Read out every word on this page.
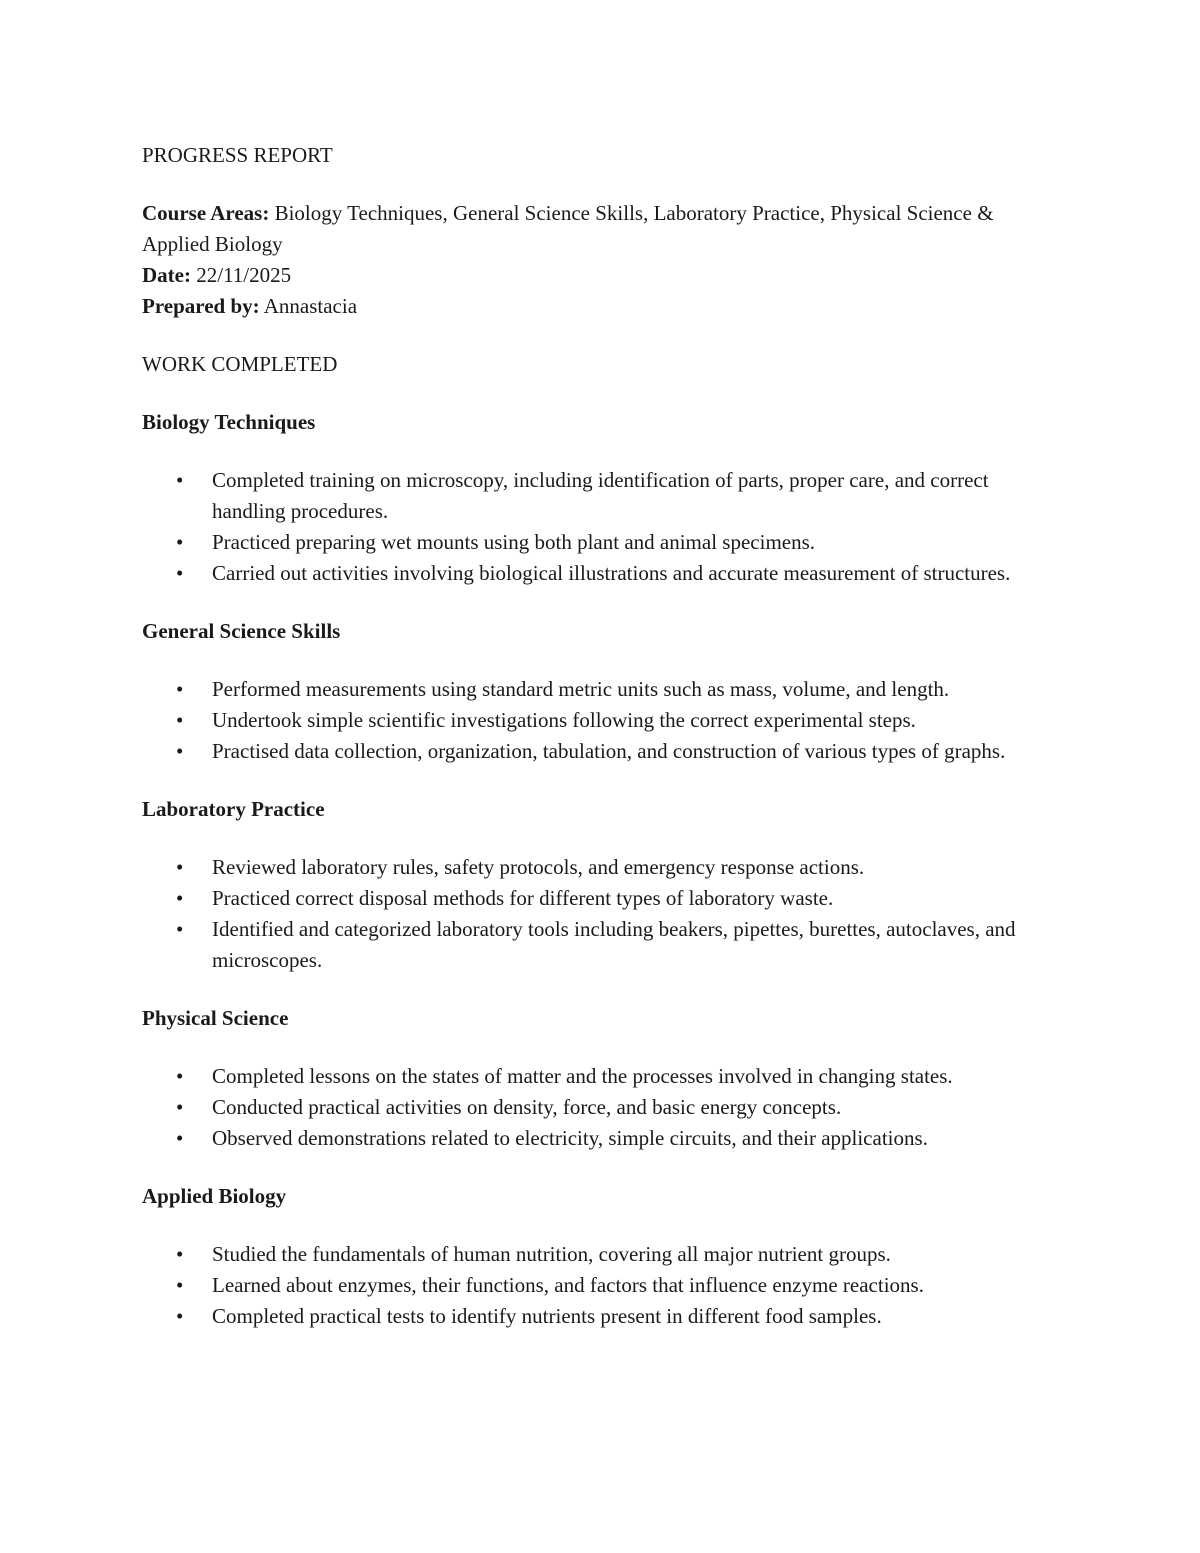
PROGRESS REPORT

Course Areas: Biology Techniques, General Science Skills, Laboratory Practice, Physical Science & Applied Biology

Date: 22/11/2025

Prepared by: Annastacia

WORK COMPLETED
Biology Techniques
• Completed training on microscopy, including identification of parts, proper care, and correct handling procedures.
• Practiced preparing wet mounts using both plant and animal specimens.
• Carried out activities involving biological illustrations and accurate measurement of structures.
General Science Skills
• Performed measurements using standard metric units such as mass, volume, and length.
• Undertook simple scientific investigations following the correct experimental steps.
• Practised data collection, organization, tabulation, and construction of various types of graphs.
Laboratory Practice
• Reviewed laboratory rules, safety protocols, and emergency response actions.
• Practiced correct disposal methods for different types of laboratory waste.
• Identified and categorized laboratory tools including beakers, pipettes, burettes, autoclaves, and microscopes.
Physical Science
• Completed lessons on the states of matter and the processes involved in changing states.
• Conducted practical activities on density, force, and basic energy concepts.
• Observed demonstrations related to electricity, simple circuits, and their applications.
Applied Biology
• Studied the fundamentals of human nutrition, covering all major nutrient groups.
• Learned about enzymes, their functions, and factors that influence enzyme reactions.
• Completed practical tests to identify nutrients present in different food samples.
